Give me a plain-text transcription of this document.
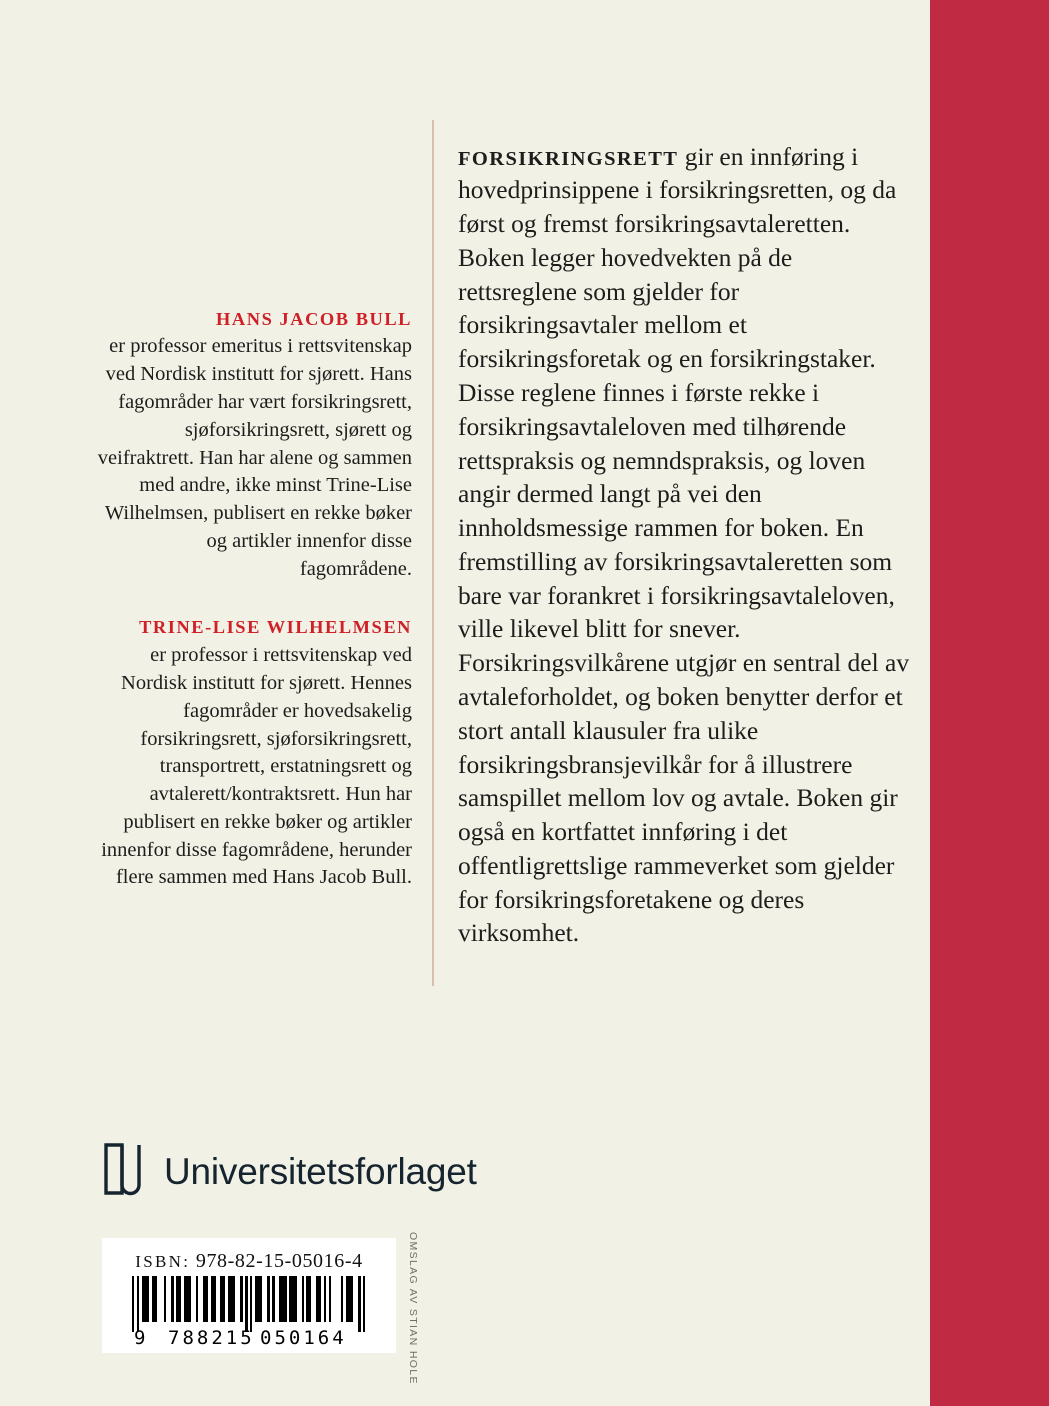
HANS JACOB BULL
er professor emeritus i rettsvitenskap ved Nordisk institutt for sjørett. Hans fagområder har vært forsikringsrett, sjøforsikringsrett, sjørett og veifraktrett. Han har alene og sammen med andre, ikke minst Trine-Lise Wilhelmsen, publisert en rekke bøker og artikler innenfor disse fagområdene.

TRINE-LISE WILHELMSEN
er professor i rettsvitenskap ved Nordisk institutt for sjørett. Hennes fagområder er hovedsakelig forsikringsrett, sjøforsikringsrett, transportrett, erstatningsrett og avtalerett/kontraktsrett. Hun har publisert en rekke bøker og artikler innenfor disse fagområdene, herunder flere sammen med Hans Jacob Bull.

FORSIKRINGSRETT gir en innføring i hovedprinsippene i forsikringsretten, og da først og fremst forsikringsavtaleretten. Boken legger hovedvekten på de rettsreglene som gjelder for forsikringsavtaler mellom et forsikringsforetak og en forsikringstaker. Disse reglene finnes i første rekke i forsikringsavtaleloven med tilhørende rettspraksis og nemndspraksis, og loven angir dermed langt på vei den innholdsmessige rammen for boken. En fremstilling av forsikringsavtaleretten som bare var forankret i forsikringsavtaleloven, ville likevel blitt for snever. Forsikringsvilkårene utgjør en sentral del av avtaleforholdet, og boken benytter derfor et stort antall klausuler fra ulike forsikringsbransjevilkår for å illustrere samspillet mellom lov og avtale. Boken gir også en kortfattet innføring i det offentligrettslige rammeverket som gjelder for forsikringsforetakene og deres virksomhet.

Universitetsforlaget
ISBN: 978-82-15-05016-4
9 788215 050164	OMSLAG AV STIAN HOLE
